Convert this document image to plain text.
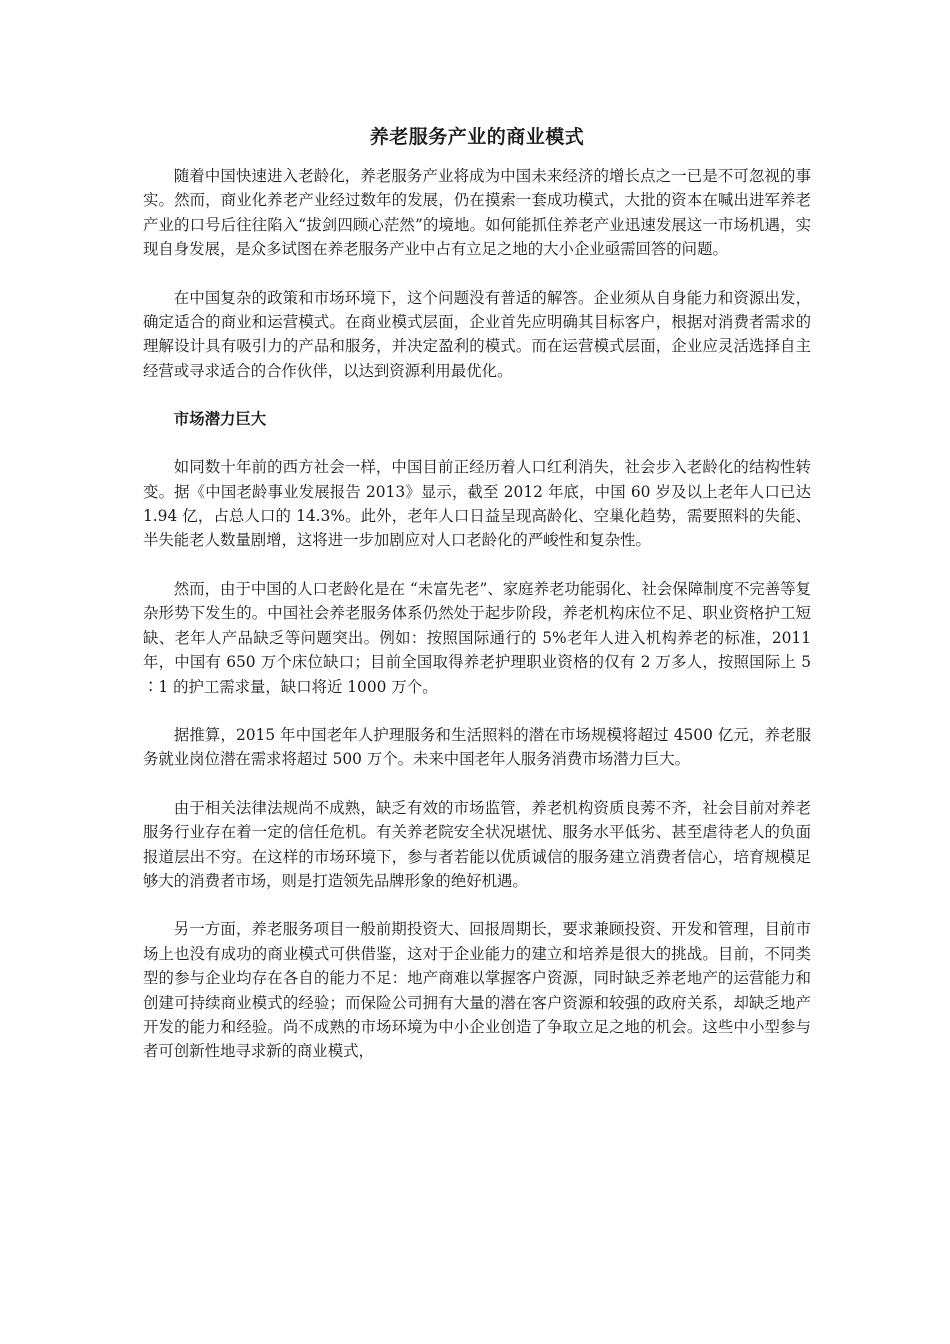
养老服务产业的商业模式

随着中国快速进入老龄化，养老服务产业将成为中国未来经济的增长点之一已是不可忽视的事实。然而，商业化养老产业经过数年的发展，仍在摸索一套成功模式，大批的资本在喊出进军养老产业的口号后往往陷入“拔剑四顾心茫然”的境地。如何能抓住养老产业迅速发展这一市场机遇，实现自身发展，是众多试图在养老服务产业中占有立足之地的大小企业亟需回答的问题。

在中国复杂的政策和市场环境下，这个问题没有普适的解答。企业须从自身能力和资源出发，确定适合的商业和运营模式。在商业模式层面，企业首先应明确其目标客户，根据对消费者需求的理解设计具有吸引力的产品和服务，并决定盈利的模式。而在运营模式层面，企业应灵活选择自主经营或寻求适合的合作伙伴，以达到资源利用最优化。

市场潜力巨大

如同数十年前的西方社会一样，中国目前正经历着人口红利消失，社会步入老龄化的结构性转变。据《中国老龄事业发展报告 2013》显示，截至 2012 年底，中国 60 岁及以上老年人口已达 1.94 亿，占总人口的 14.3%。此外，老年人口日益呈现高龄化、空巢化趋势，需要照料的失能、半失能老人数量剧增，这将进一步加剧应对人口老龄化的严峻性和复杂性。

然而，由于中国的人口老龄化是在 “未富先老”、家庭养老功能弱化、社会保障制度不完善等复杂形势下发生的。中国社会养老服务体系仍然处于起步阶段，养老机构床位不足、职业资格护工短缺、老年人产品缺乏等问题突出。例如：按照国际通行的 5%老年人进入机构养老的标准，2011 年，中国有 650 万个床位缺口；目前全国取得养老护理职业资格的仅有 2 万多人，按照国际上 5∶1 的护工需求量，缺口将近 1000 万个。

据推算，2015 年中国老年人护理服务和生活照料的潜在市场规模将超过 4500 亿元，养老服务就业岗位潜在需求将超过 500 万个。未来中国老年人服务消费市场潜力巨大。

由于相关法律法规尚不成熟，缺乏有效的市场监管，养老机构资质良莠不齐，社会目前对养老服务行业存在着一定的信任危机。有关养老院安全状况堪忧、服务水平低劣、甚至虐待老人的负面报道层出不穷。在这样的市场环境下，参与者若能以优质诚信的服务建立消费者信心，培育规模足够大的消费者市场，则是打造领先品牌形象的绝好机遇。

另一方面，养老服务项目一般前期投资大、回报周期长，要求兼顾投资、开发和管理，目前市场上也没有成功的商业模式可供借鉴，这对于企业能力的建立和培养是很大的挑战。目前，不同类型的参与企业均存在各自的能力不足：地产商难以掌握客户资源，同时缺乏养老地产的运营能力和创建可持续商业模式的经验；而保险公司拥有大量的潜在客户资源和较强的政府关系，却缺乏地产开发的能力和经验。尚不成熟的市场环境为中小企业创造了争取立足之地的机会。这些中小型参与者可创新性地寻求新的商业模式，
